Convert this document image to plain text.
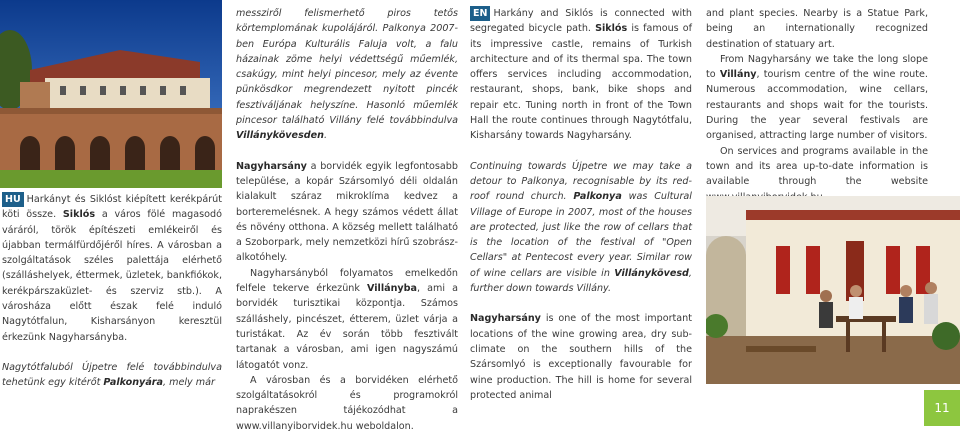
HU Harkányt és Siklóst kiépített kerékpárút köti össze. Siklós a város fölé magasodó váráról, török építészeti emlékeiről és újabban termálfürdőjéről híres. A városban a szolgáltatások széles palettája elérhető (szálláshelyek, éttermek, üzletek, bankfiókok, kerékpárszaküzlet- és szerviz stb.). A városháza előtt észak felé induló Nagytótfalun, Kisharsányon keresztül érkezünk Nagyharsányba.

Nagytótfaluból Újpetre felé továbbindulva tehetünk egy kitérőt Palkonyára, mely már

messziről felismerhető piros tetős körtemplomának kupolájáról. Palkonya 2007-ben Európa Kulturális Faluja volt, a falu házainak zöme helyi védettségű műemlék, csakúgy, mint helyi pincesor, mely az évente pünkösdkor megrendezett nyitott pincék fesztiváljának helyszíne. Hasonló műemlék pincesor található Villány felé továbbindulva Villánykövesden.

Nagyharsány a borvidék egyik legfontosabb települése, a kopár Szársomlyó déli oldalán kialakult száraz mikroklíma kedvez a borteremelésnek. A hegy számos védett állat és növény otthona. A község mellett található a Szoborpark, mely nemzetközi hírű szobrász-alkotóhely.

Nagyharsányból folyamatos emelkedőn felfele tekerve érkezünk Villányba, ami a borvidék turisztikai központja. Számos szálláshely, pincészet, étterem, üzlet várja a turistákat. Az év során több fesztivált tartanak a városban, ami igen nagyszámú látogatót vonz.

A városban és a borvidéken elérhető szolgáltatásokról és programokról naprakészen tájékozódhat a www.villanyiborvidek.hu weboldalon.

EN Harkány and Siklós is connected with segregated bicycle path. Siklós is famous of its impressive castle, remains of Turkish architecture and of its thermal spa. The town offers services including accommodation, restaurant, shops, bank, bike shops and repair etc. Tuning north in front of the Town Hall the route continues through Nagytótfalu, Kisharsány towards Nagyharsány.

Continuing towards Újpetre we may take a detour to Palkonya, recognisable by its red-roof round church. Palkonya was Cultural Village of Europe in 2007, most of the houses are protected, just like the row of cellars that is the location of the festival of "Open Cellars" at Pentecost every year. Similar row of wine cellars are visible in Villánykövesd, further down towards Villány.

Nagyharsány is one of the most important locations of the wine growing area, dry sub-climate on the southern hills of the Szársomlyó is exceptionally favourable for wine production. The hill is home for several protected animal

and plant species. Nearby is a Statue Park, being an internationally recognized destination of statuary art.

From Nagyharsány we take the long slope to Villány, tourism centre of the wine route. Numerous accommodation, wine cellars, restaurants and shops wait for the tourists. During the year several festivals are organised, attracting large number of visitors.

On services and programs available in the town and its area up-to-date information is available through the website

11
